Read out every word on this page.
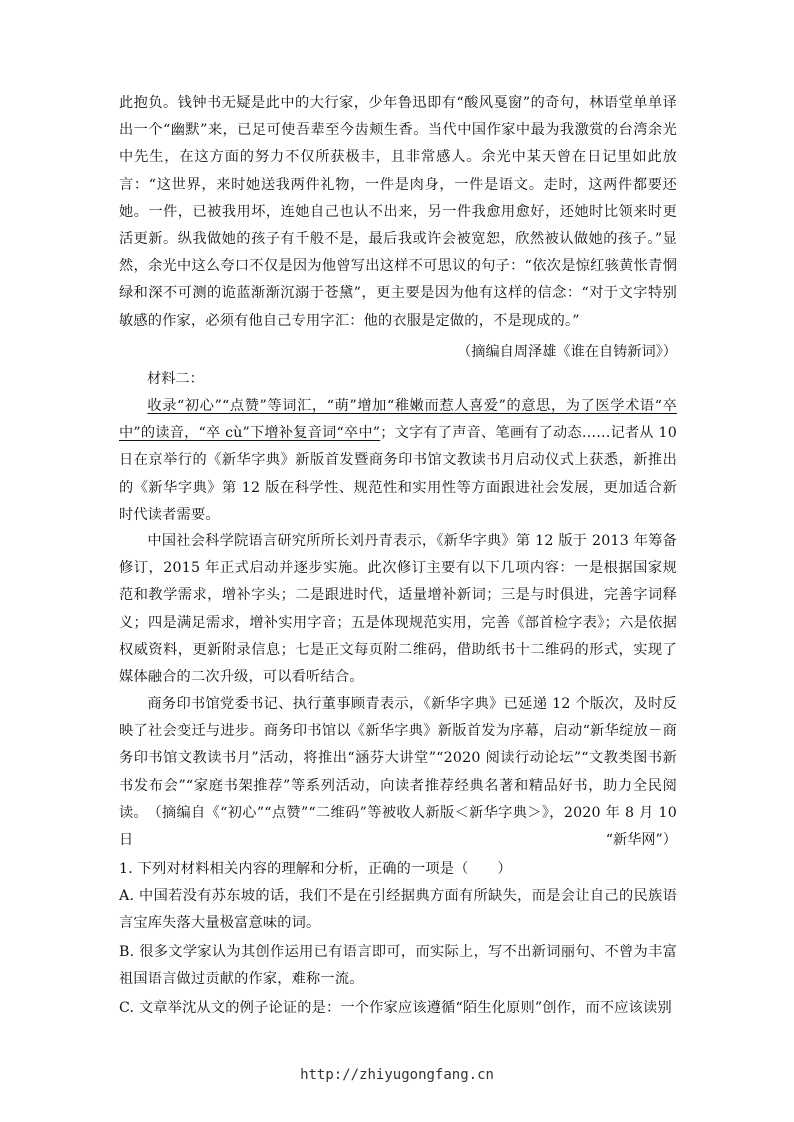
此抱负。钱钟书无疑是此中的大行家，少年鲁迅即有“酸风戛窗”的奇句，林语堂单单译出一个“幽默”来，已足可使吾辈至今齿颊生香。当代中国作家中最为我激赏的台湾余光中先生，在这方面的努力不仅所获极丰，且非常感人。余光中某天曾在日记里如此放言：“这世界，来时她送我两件礼物，一件是肉身，一件是语文。走时，这两件都要还她。一件，已被我用坏，连她自己也认不出来，另一件我愈用愈好，还她时比领来时更活更新。纵我做她的孩子有千般不是，最后我或许会被宽恕，欣然被认做她的孩子。”显然，余光中这么夸口不仅是因为他曾写出这样不可思议的句子：“依次是惊红骇黄怅青惘绿和深不可测的诡蓝渐渐沉溺于苍黛”，更主要是因为他有这样的信念：“对于文字特别敏感的作家，必须有他自己专用字汇：他的衣服是定做的，不是现成的。”

（摘编自周泽雄《谁在自铸新词》）

材料二：

收录“初心”“点赞”等词汇，“萌”增加“稚嫩而惹人喜爱”的意思，为了医学术语“卒中”的读音，“卒 cù”下增补复音词“卒中”；文字有了声音、笔画有了动态……记者从 10 日在京举行的《新华字典》新版首发暨商务印书馆文教读书月启动仪式上获悉，新推出的《新华字典》第 12 版在科学性、规范性和实用性等方面跟进社会发展，更加适合新时代读者需要。

中国社会科学院语言研究所所长刘丹青表示，《新华字典》第 12 版于 2013 年筹备修订，2015 年正式启动并逐步实施。此次修订主要有以下几项内容：一是根据国家规范和教学需求，增补字头；二是跟进时代，适量增补新词；三是与时俱进，完善字词释义；四是满足需求，增补实用字音；五是体现规范实用，完善《部首检字表》；六是依据权威资料，更新附录信息；七是正文每页附二维码，借助纸书十二维码的形式，实现了媒体融合的二次升级，可以看听结合。

商务印书馆党委书记、执行董事顾青表示，《新华字典》已延递 12 个版次，及时反映了社会变迁与进步。商务印书馆以《新华字典》新版首发为序幕，启动“新华绽放－商务印书馆文教读书月”活动，将推出“涵芬大讲堂”“2020 阅读行动论坛”“文教类图书新书发布会”“家庭书架推荐”等系列活动，向读者推荐经典名著和精品好书，助力全民阅读。 （摘编自《“初心”“点赞”“二维码”等被收人新版＜新华字典＞》，2020 年 8 月 10 日	“新华网”）

1. 下列对材料相关内容的理解和分析，正确的一项是（　　）

A. 中国若没有苏东坡的话，我们不是在引经据典方面有所缺失，而是会让自己的民族语言宝库失落大量极富意味的词。

B. 很多文学家认为其创作运用已有语言即可，而实际上，写不出新词丽句、不曾为丰富祖国语言做过贡献的作家，难称一流。

C. 文章举沈从文的例子论证的是：一个作家应该遵循“陌生化原则”创作，而不应该读别

http://zhiyugongfang.cn
